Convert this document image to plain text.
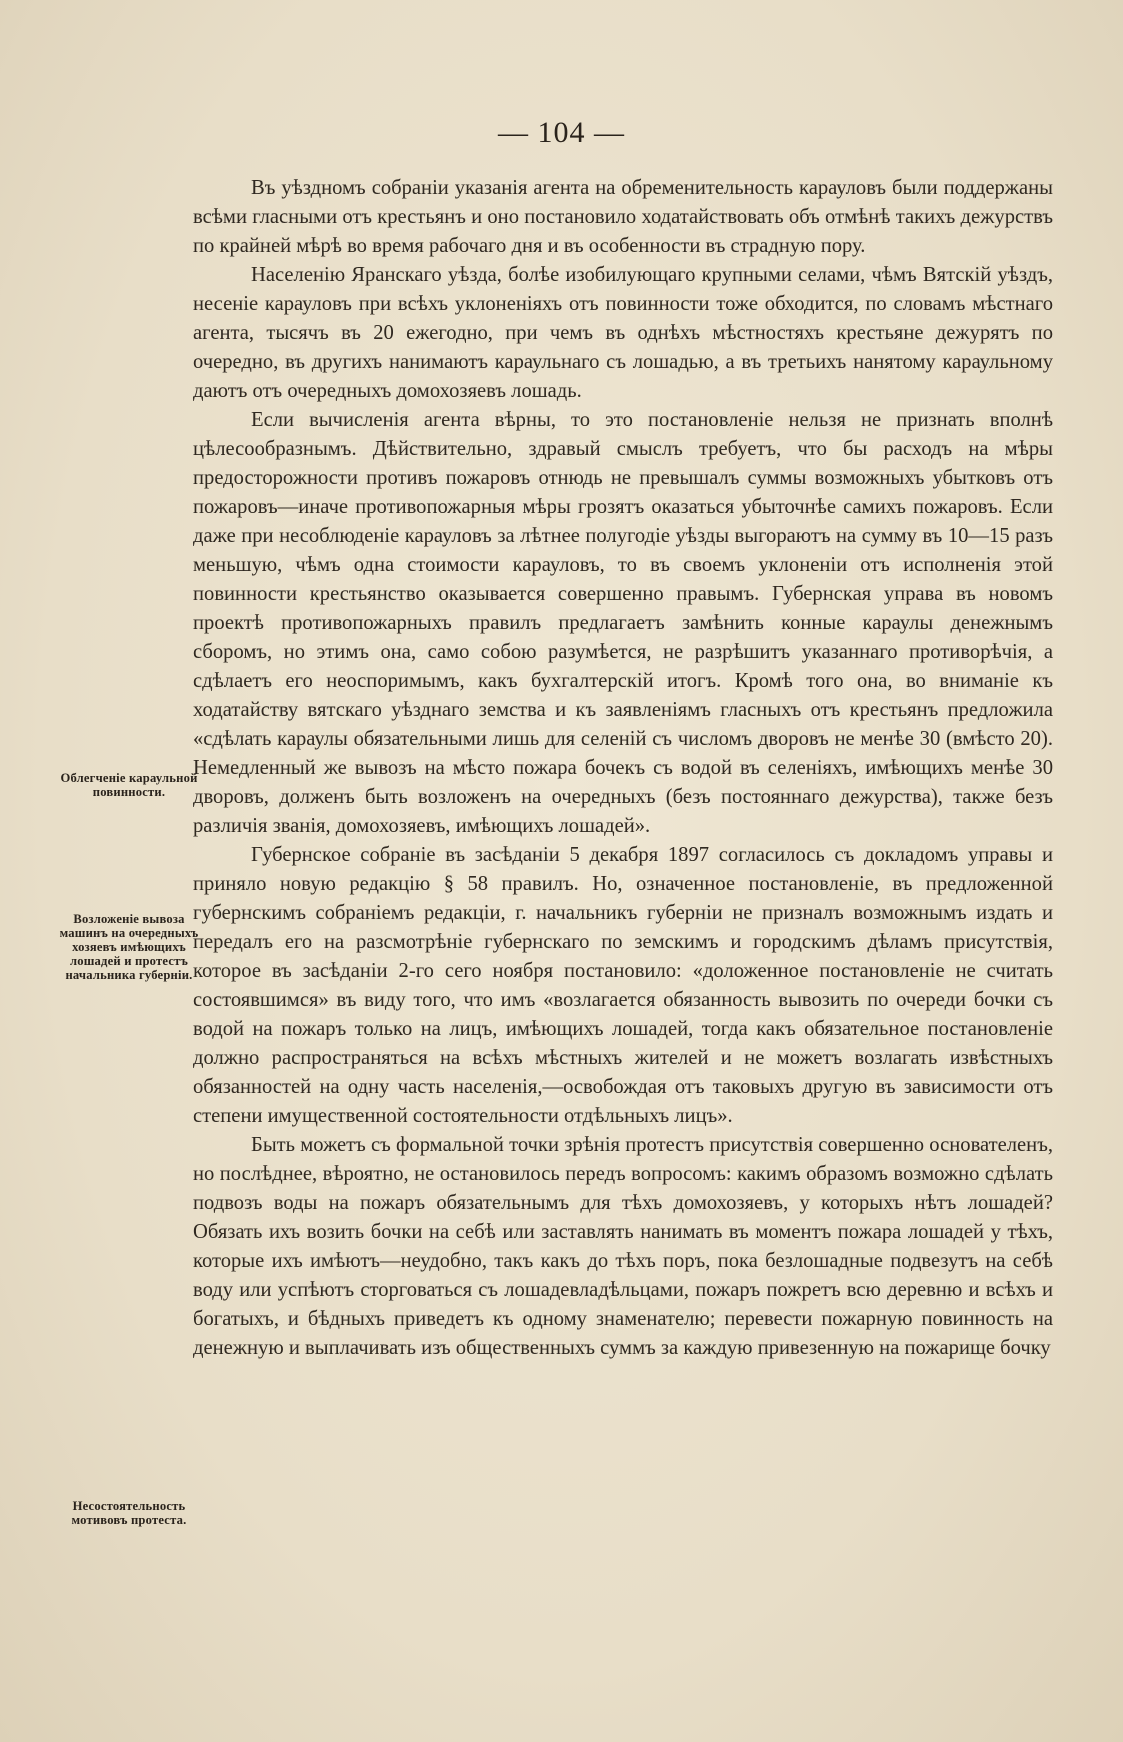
— 104 —

Въ уѣздномъ собраніи указанія агента на обременительность карауловъ были поддержаны всѣми гласными отъ крестьянъ и оно постановило ходатайствовать объ отмѣнѣ такихъ дежурствъ по крайней мѣрѣ во время рабочаго дня и въ особенности въ страдную пору.

Населенію Яранскаго уѣзда, болѣе изобилующаго крупными селами, чѣмъ Вятскій уѣздъ, несеніе карауловъ при всѣхъ уклоненіяхъ отъ повинности тоже обходится, по словамъ мѣстнаго агента, тысячъ въ 20 ежегодно, при чемъ въ однѣхъ мѣстностяхъ крестьяне дежурятъ по очередно, въ другихъ нанимаютъ караульнаго съ лошадью, а въ третьихъ нанятому караульному даютъ отъ очередныхъ домохозяевъ лошадь.

Если вычисленія агента вѣрны, то это постановленіе нельзя не признать вполнѣ цѣлесообразнымъ. Дѣйствительно, здравый смыслъ требуетъ, что бы расходъ на мѣры предосторожности противъ пожаровъ отнюдь не превышалъ суммы возможныхъ убытковъ отъ пожаровъ—иначе противопожарныя мѣры грозятъ оказаться убыточнѣе самихъ пожаровъ. Если даже при несоблюденіе карауловъ за лѣтнее полугодіе уѣзды выгораютъ на сумму въ 10—15 разъ меньшую, чѣмъ одна стоимости карауловъ, то въ своемъ уклоненіи отъ исполненія этой повинности крестьянство оказывается совершенно правымъ. Губернская управа въ новомъ проектѣ противопожарныхъ правилъ предлагаетъ замѣнить конные караулы денежнымъ сборомъ, но этимъ она, само собою разумѣется, не разрѣшитъ указаннаго противорѣчія, а сдѣлаетъ его неоспоримымъ, какъ бухгалтерскій итогъ. Кромѣ того она, во вниманіе къ ходатайству вятскаго уѣзднаго земства и къ заявленіямъ гласныхъ отъ крестьянъ предложила «сдѣлать караулы обязательными лишь для селеній съ числомъ дворовъ не менѣе 30 (вмѣсто 20). Немедленный же вывозъ на мѣсто пожара бочекъ съ водой въ селеніяхъ, имѣющихъ менѣе 30 дворовъ, долженъ быть возложенъ на очередныхъ (безъ постояннаго дежурства), также безъ различія званія, домохозяевъ, имѣющихъ лошадей».

Губернское собраніе въ засѣданіи 5 декабря 1897 согласилось съ докладомъ управы и приняло новую редакцію § 58 правилъ. Но, означенное постановленіе, въ предложенной губернскимъ собраніемъ редакціи, г. начальникъ губерніи не призналъ возможнымъ издать и передалъ его на разсмотрѣніе губернскаго по земскимъ и городскимъ дѣламъ присутствія, которое въ засѣданіи 2-го сего ноября постановило: «доложенное постановленіе не считать состоявшимся» въ виду того, что имъ «возлагается обязанность вывозить по очереди бочки съ водой на пожаръ только на лицъ, имѣющихъ лошадей, тогда какъ обязательное постановленіе должно распространяться на всѣхъ мѣстныхъ жителей и не можетъ возлагать извѣстныхъ обязанностей на одну часть населенія,—освобождая отъ таковыхъ другую въ зависимости отъ степени имущественной состоятельности отдѣльныхъ лицъ».

Быть можетъ съ формальной точки зрѣнія протестъ присутствія совершенно основателенъ, но послѣднее, вѣроятно, не остановилось передъ вопросомъ: какимъ образомъ возможно сдѣлать подвозъ воды на пожаръ обязательнымъ для тѣхъ домохозяевъ, у которыхъ нѣтъ лошадей? Обязать ихъ возить бочки на себѣ или заставлять нанимать въ моментъ пожара лошадей у тѣхъ, которые ихъ имѣютъ—неудобно, такъ какъ до тѣхъ поръ, пока безлошадные подвезутъ на себѣ воду или успѣютъ сторговаться съ лошадевладѣльцами, пожаръ пожретъ всю деревню и всѣхъ и богатыхъ, и бѣдныхъ приведетъ къ одному знаменателю; перевести пожарную повинность на денежную и выплачивать изъ общественныхъ суммъ за каждую привезенную на пожарище бочку

Облегченіе караульной повинности.
Возложеніе вывоза машинъ на очередныхъ хозяевъ имѣющихъ лошадей и протестъ начальника губерніи.
Несостоятельность мотивовъ протеста.
